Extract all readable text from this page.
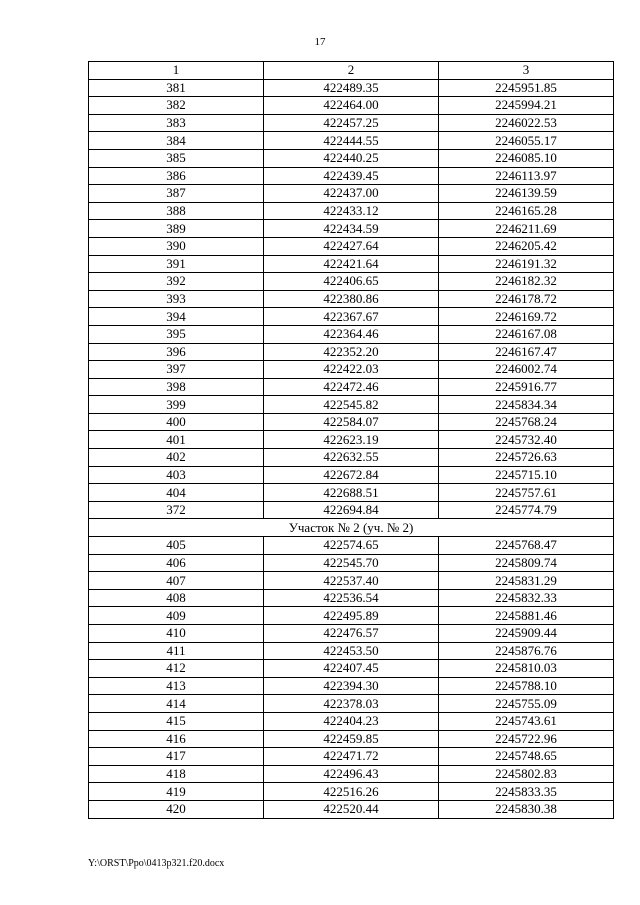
17
1	2	3
381	422489.35	2245951.85
382	422464.00	2245994.21
383	422457.25	2246022.53
384	422444.55	2246055.17
385	422440.25	2246085.10
386	422439.45	2246113.97
387	422437.00	2246139.59
388	422433.12	2246165.28
389	422434.59	2246211.69
390	422427.64	2246205.42
391	422421.64	2246191.32
392	422406.65	2246182.32
393	422380.86	2246178.72
394	422367.67	2246169.72
395	422364.46	2246167.08
396	422352.20	2246167.47
397	422422.03	2246002.74
398	422472.46	2245916.77
399	422545.82	2245834.34
400	422584.07	2245768.24
401	422623.19	2245732.40
402	422632.55	2245726.63
403	422672.84	2245715.10
404	422688.51	2245757.61
372	422694.84	2245774.79
Участок № 2 (уч. № 2)		
405	422574.65	2245768.47
406	422545.70	2245809.74
407	422537.40	2245831.29
408	422536.54	2245832.33
409	422495.89	2245881.46
410	422476.57	2245909.44
411	422453.50	2245876.76
412	422407.45	2245810.03
413	422394.30	2245788.10
414	422378.03	2245755.09
415	422404.23	2245743.61
416	422459.85	2245722.96
417	422471.72	2245748.65
418	422496.43	2245802.83
419	422516.26	2245833.35
420	422520.44	2245830.38
Y:\ORST\Ppo\0413p321.f20.docx
